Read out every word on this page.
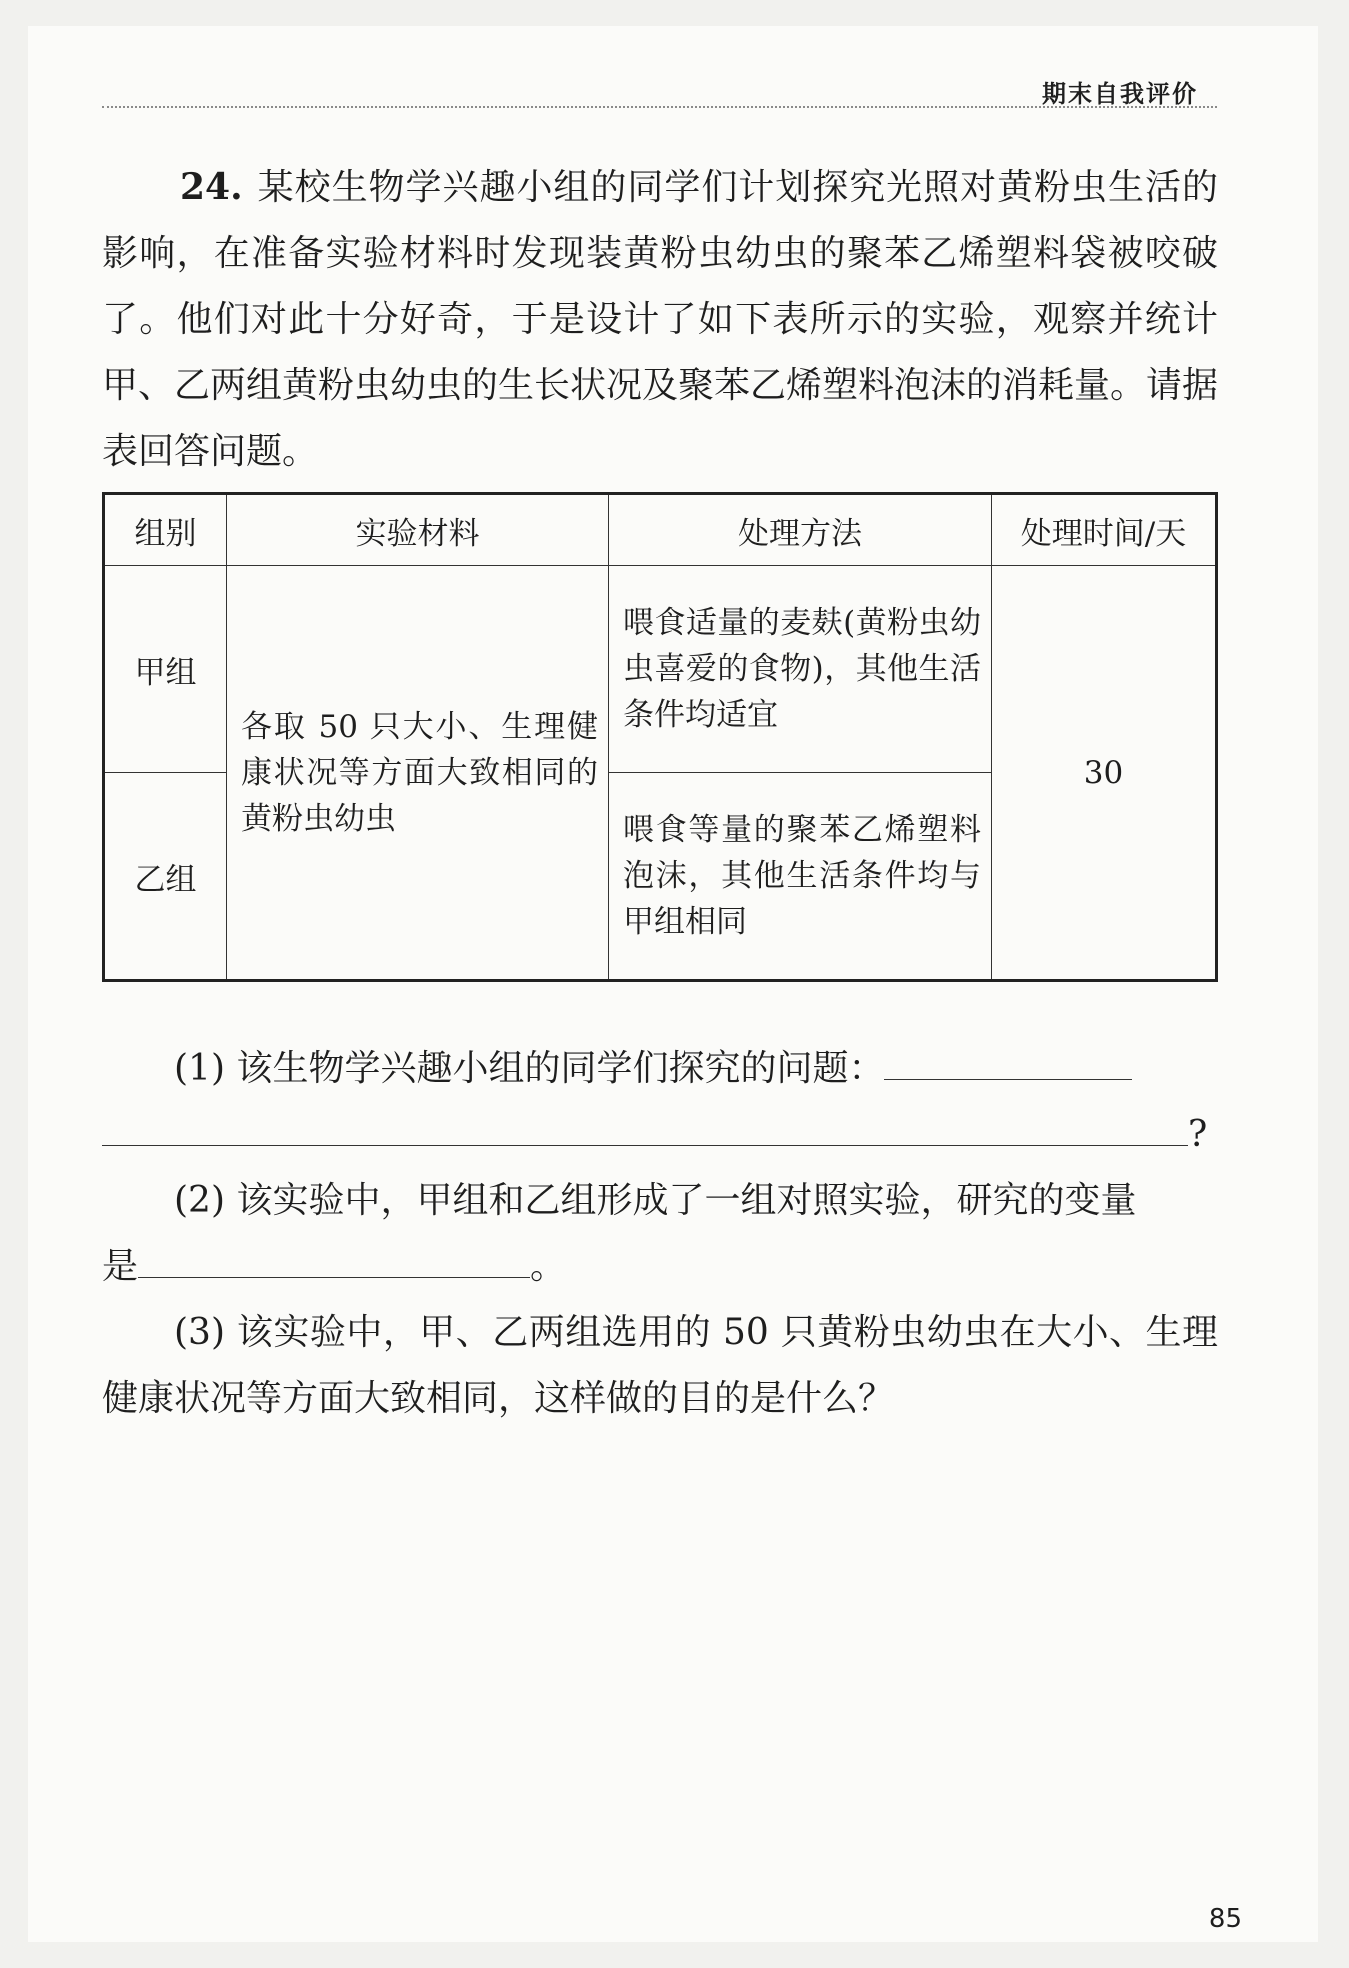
期末自我评价

24. 某校生物学兴趣小组的同学们计划探究光照对黄粉虫生活的影响，在准备实验材料时发现装黄粉虫幼虫的聚苯乙烯塑料袋被咬破了。他们对此十分好奇，于是设计了如下表所示的实验，观察并统计甲、乙两组黄粉虫幼虫的生长状况及聚苯乙烯塑料泡沫的消耗量。请据表回答问题。

组别	实验材料	处理方法	处理时间/天
甲组	各取 50 只大小、生理健康状况等方面大致相同的黄粉虫幼虫	喂食适量的麦麸(黄粉虫幼虫喜爱的食物)，其他生活条件均适宜	30
乙组		喂食等量的聚苯乙烯塑料泡沫，其他生活条件均与甲组相同	
(1) 该生物学兴趣小组的同学们探究的问题：
?
(2) 该实验中，甲组和乙组形成了一组对照实验，研究的变量
是	。
(3) 该实验中，甲、乙两组选用的 50 只黄粉虫幼虫在大小、生理健康状况等方面大致相同，这样做的目的是什么？
85
